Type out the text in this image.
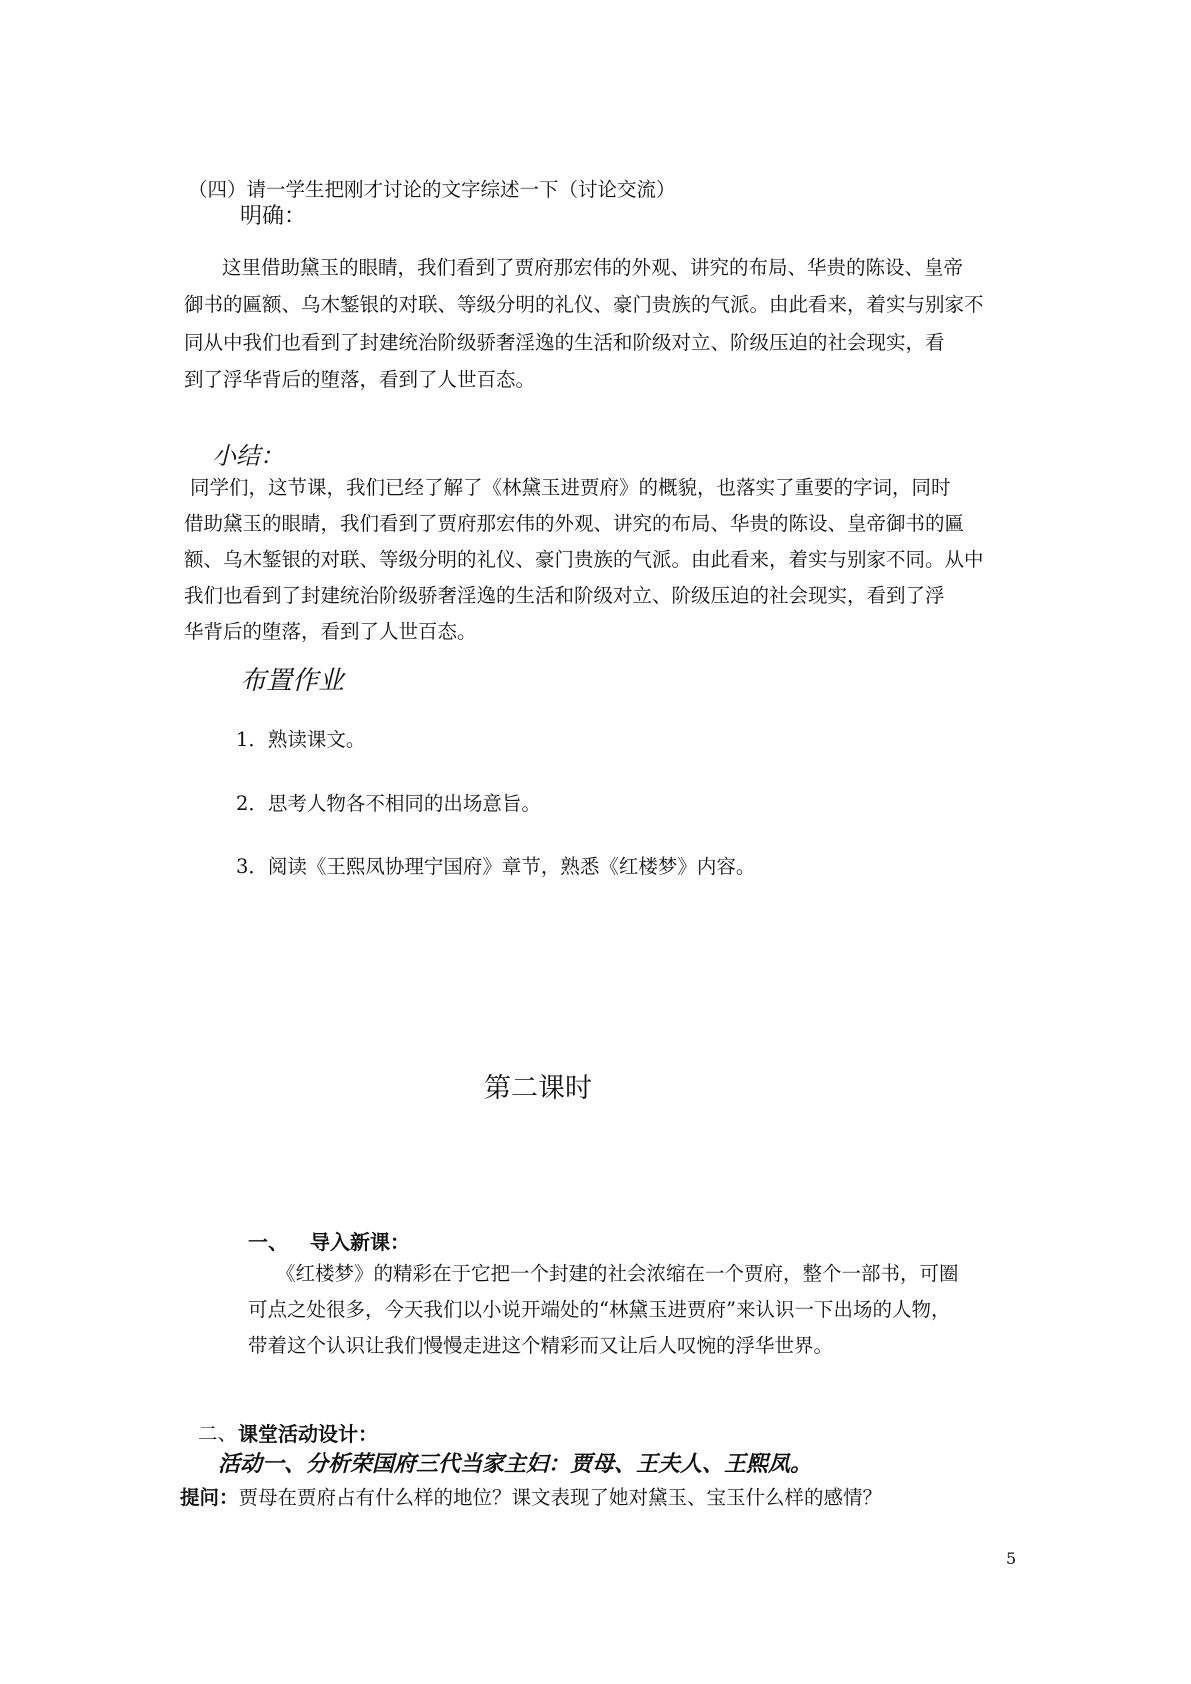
（四）请一学生把刚才讨论的文字综述一下（讨论交流）
明确：
这里借助黛玉的眼睛，我们看到了贾府那宏伟的外观、讲究的布局、华贵的陈设、皇帝
御书的匾额、乌木錾银的对联、等级分明的礼仪、豪门贵族的气派。由此看来，着实与别家不
同从中我们也看到了封建统治阶级骄奢淫逸的生活和阶级对立、阶级压迫的社会现实，看
到了浮华背后的堕落，看到了人世百态。
小结：
同学们，这节课，我们已经了解了《林黛玉进贾府》的概貌，也落实了重要的字词，同时
借助黛玉的眼睛，我们看到了贾府那宏伟的外观、讲究的布局、华贵的陈设、皇帝御书的匾
额、乌木錾银的对联、等级分明的礼仪、豪门贵族的气派。由此看来，着实与别家不同。从中
我们也看到了封建统治阶级骄奢淫逸的生活和阶级对立、阶级压迫的社会现实，看到了浮
华背后的堕落，看到了人世百态。
布置作业
1．熟读课文。
2．思考人物各不相同的出场意旨。
3．阅读《王熙凤协理宁国府》章节，熟悉《红楼梦》内容。
第二课时
一、 导入新课：
《红楼梦》的精彩在于它把一个封建的社会浓缩在一个贾府，整个一部书，可圈
可点之处很多，今天我们以小说开端处的“林黛玉进贾府”来认识一下出场的人物，
带着这个认识让我们慢慢走进这个精彩而又让后人叹惋的浮华世界。
二、 课堂活动设计：
活动一、分析荣国府三代当家主妇：贾母、王夫人、王熙凤。
提问：贾母在贾府占有什么样的地位？课文表现了她对黛玉、宝玉什么样的感情？
5
